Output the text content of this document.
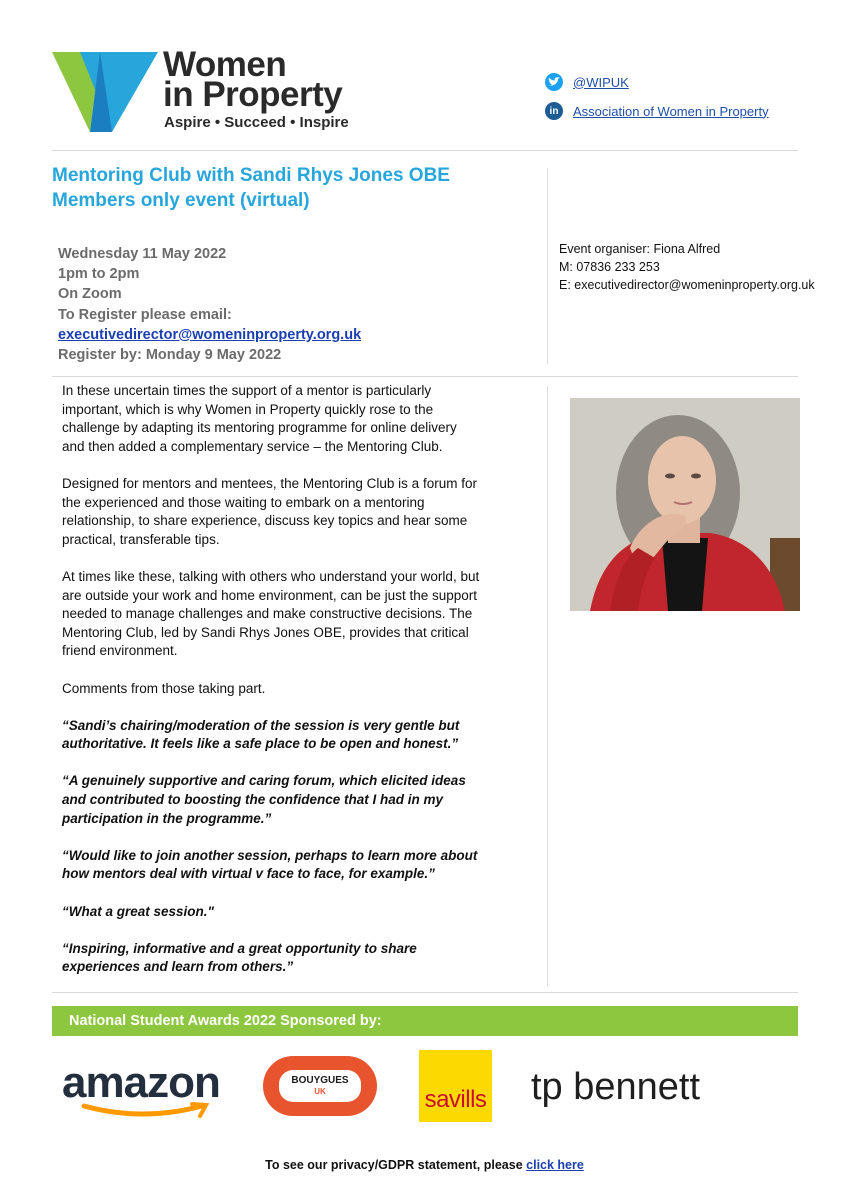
Women
in Property
Aspire • Succeed • Inspire
@WIPUK
in	Association of Women in Property
Mentoring Club with Sandi Rhys Jones OBE
Members only event (virtual)
Wednesday 11 May 2022
1pm to 2pm
On Zoom
To Register please email:
executivedirector@womeninproperty.org.uk
Register by: Monday 9 May 2022
Event organiser: Fiona Alfred
M: 07836 233 253
E: executivedirector@womeninproperty.org.uk

In these uncertain times the support of a mentor is particularly important, which is why Women in Property quickly rose to the challenge by adapting its mentoring programme for online delivery and then added a complementary service – the Mentoring Club.

Designed for mentors and mentees, the Mentoring Club is a forum for the experienced and those waiting to embark on a mentoring relationship, to share experience, discuss key topics and hear some practical, transferable tips.

At times like these, talking with others who understand your world, but are outside your work and home environment, can be just the support needed to manage challenges and make constructive decisions. The Mentoring Club, led by Sandi Rhys Jones OBE, provides that critical friend environment.

Comments from those taking part.

“Sandi’s chairing/moderation of the session is very gentle but authoritative. It feels like a safe place to be open and honest.”

“A genuinely supportive and caring forum, which elicited ideas and contributed to boosting the confidence that I had in my participation in the programme.”

“Would like to join another session, perhaps to learn more about how mentors deal with virtual v face to face, for example.”

“What a great session."

“Inspiring, informative and a great opportunity to share experiences and learn from others.”

National Student Awards 2022 Sponsored by:
amazon	BOUYGUES
UK	savills tp bennett
To see our privacy/GDPR statement, please click here
